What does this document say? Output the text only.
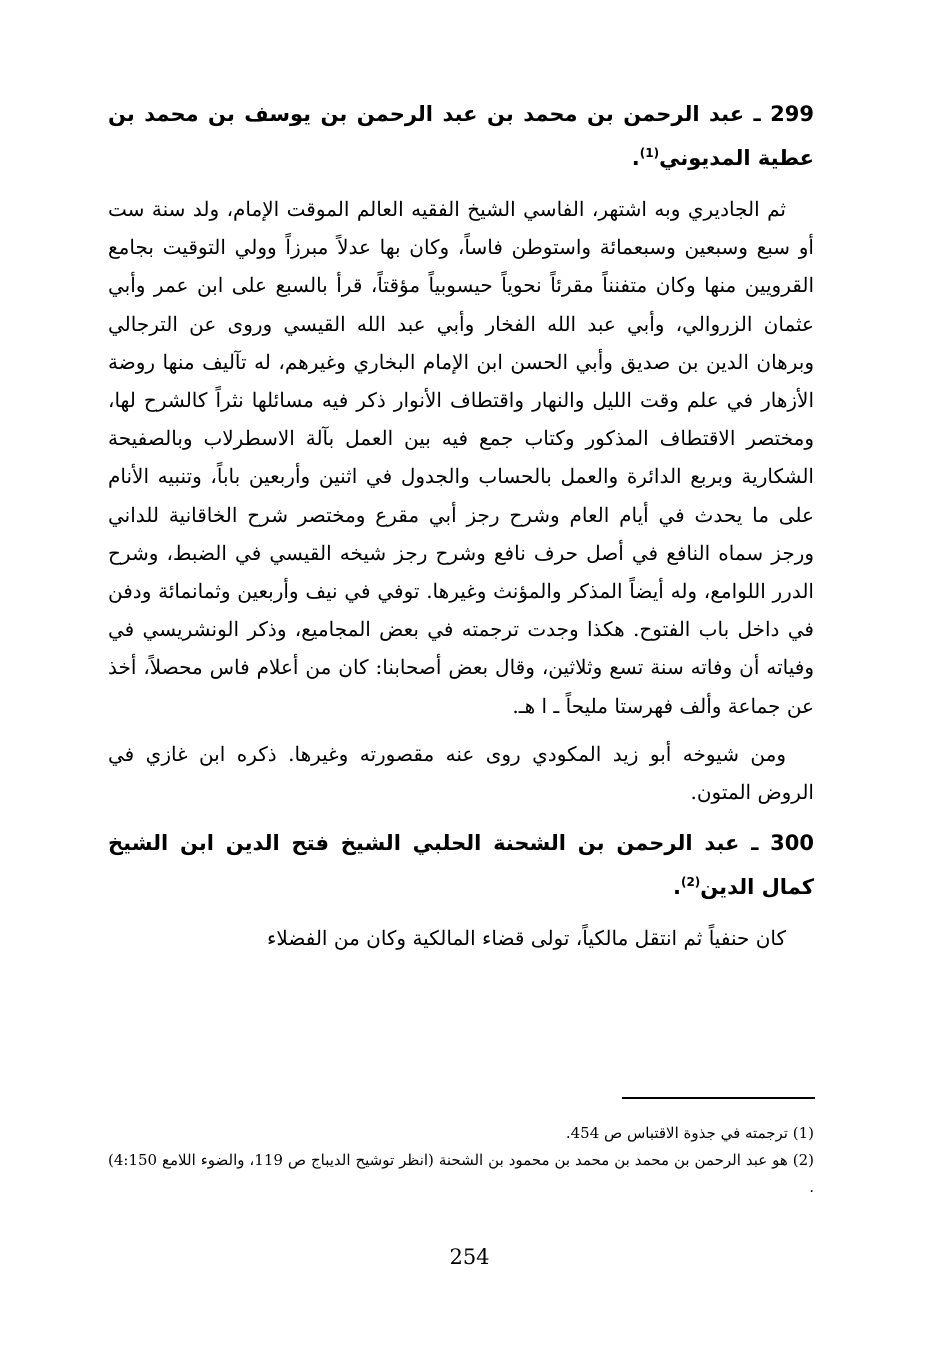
299 ـ عبد الرحمن بن محمد بن عبد الرحمن بن يوسف بن محمد بن عطية المديوني$^{(1)}$.

ثم الجاديري وبه اشتهر، الفاسي الشيخ الفقيه العالم الموقت الإمام، ولد سنة ست أو سبع وسبعين وسبعمائة واستوطن فاساً، وكان بها عدلاً مبرزاً وولي التوقيت بجامع القرويين منها وكان متفنناً مقرئاً نحوياً حيسوبياً مؤقتاً، قرأ بالسبع على ابن عمر وأبي عثمان الزروالي، وأبي عبد الله الفخار وأبي عبد الله القيسي وروى عن الترجالي وبرهان الدين بن صديق وأبي الحسن ابن الإمام البخاري وغيرهم، له تآليف منها روضة الأزهار في علم وقت الليل والنهار واقتطاف الأنوار ذكر فيه مسائلها نثراً كالشرح لها، ومختصر الاقتطاف المذكور وكتاب جمع فيه بين العمل بآلة الاسطرلاب وبالصفيحة الشكارية وبربع الدائرة والعمل بالحساب والجدول في اثنين وأربعين باباً، وتنبيه الأنام على ما يحدث في أيام العام وشرح رجز أبي مقرع ومختصر شرح الخاقانية للداني ورجز سماه النافع في أصل حرف نافع وشرح رجز شيخه القيسي في الضبط، وشرح الدرر اللوامع، وله أيضاً المذكر والمؤنث وغيرها. توفي في نيف وأربعين وثمانمائة ودفن في داخل باب الفتوح. هكذا وجدت ترجمته في بعض المجاميع، وذكر الونشريسي في وفياته أن وفاته سنة تسع وثلاثين، وقال بعض أصحابنا: كان من أعلام فاس محصلاً، أخذ عن جماعة وألف فهرستا مليحاً ـ ا هـ.

ومن شيوخه أبو زيد المكودي روى عنه مقصورته وغيرها. ذكره ابن غازي في الروض المتون.

300 ـ عبد الرحمن بن الشحنة الحلبي الشيخ فتح الدين ابن الشيخ كمال الدين$^{(2)}$.

كان حنفياً ثم انتقل مالكياً، تولى قضاء المالكية وكان من الفضلاء

(1) ترجمته في جذوة الاقتباس ص 454.

(2) هو عبد الرحمن بن محمد بن محمد بن محمود بن الشحنة (انظر توشيح الديباج ص 119، والضوء اللامع 4:150) .

254
